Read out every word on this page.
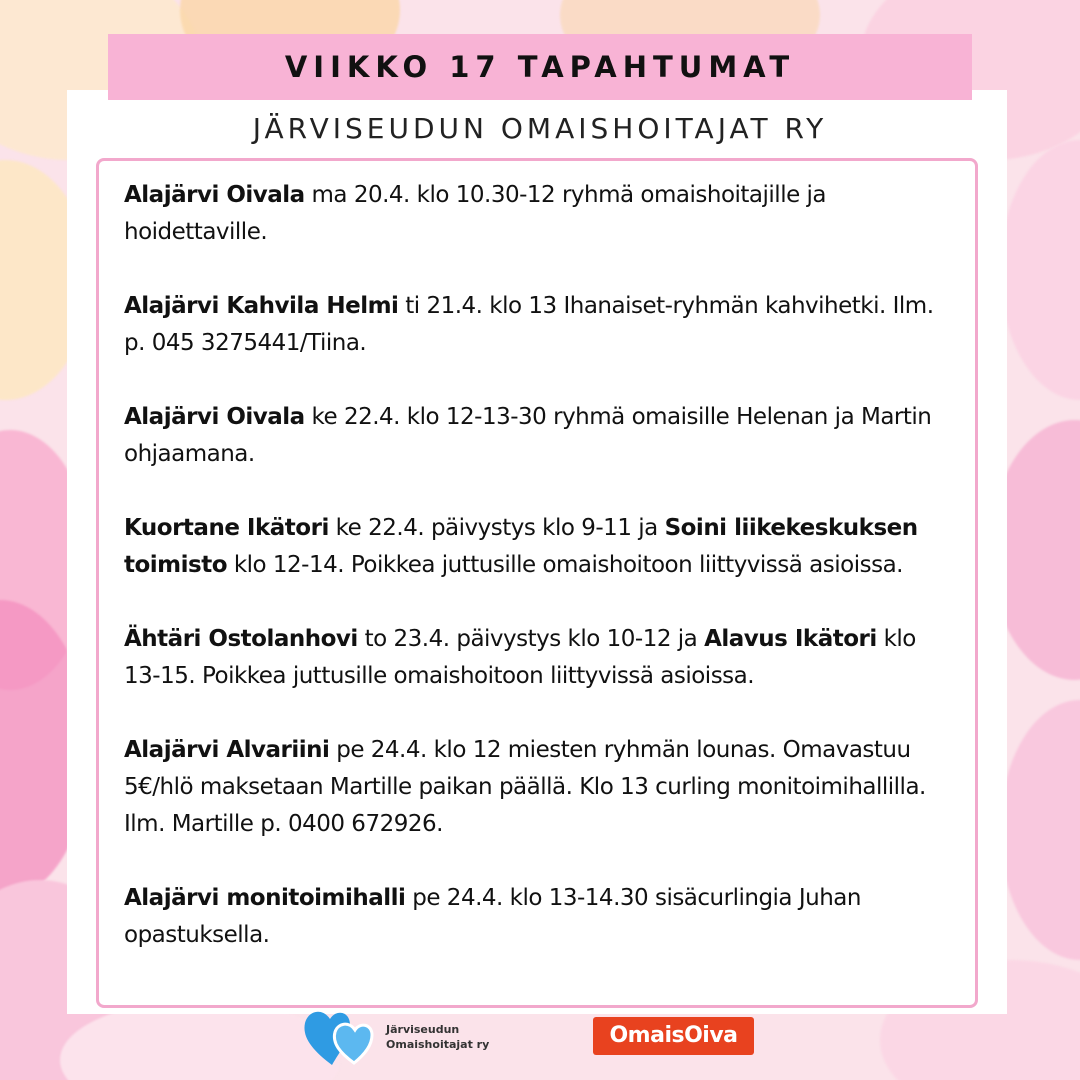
VIIKKO 17 TAPAHTUMAT
JÄRVISEUDUN OMAISHOITAJAT RY

Alajärvi Oivala ma 20.4. klo 10.30-12 ryhmä omaishoitajille ja hoidettaville.

Alajärvi Kahvila Helmi ti 21.4. klo 13 Ihanaiset-ryhmän kahvihetki. Ilm. p. 045 3275441/Tiina.

Alajärvi Oivala ke 22.4. klo 12-13-30 ryhmä omaisille Helenan ja Martin ohjaamana.

Kuortane Ikätori ke 22.4. päivystys klo 9-11 ja Soini liikekeskuksen toimisto klo 12-14. Poikkea juttusille omaishoitoon liittyvissä asioissa.

Ähtäri Ostolanhovi to 23.4. päivystys klo 10-12 ja Alavus Ikätori klo 13-15. Poikkea juttusille omaishoitoon liittyvissä asioissa.

Alajärvi Alvariini pe 24.4. klo 12 miesten ryhmän lounas. Omavastuu 5€/hlö maksetaan Martille paikan päällä. Klo 13 curling monitoimihallilla. Ilm. Martille p. 0400 672926.

Alajärvi monitoimihalli pe 24.4. klo 13-14.30 sisäcurlingia Juhan opastuksella.

Järviseudun
Omaishoitajat ry	OmaisOiva
